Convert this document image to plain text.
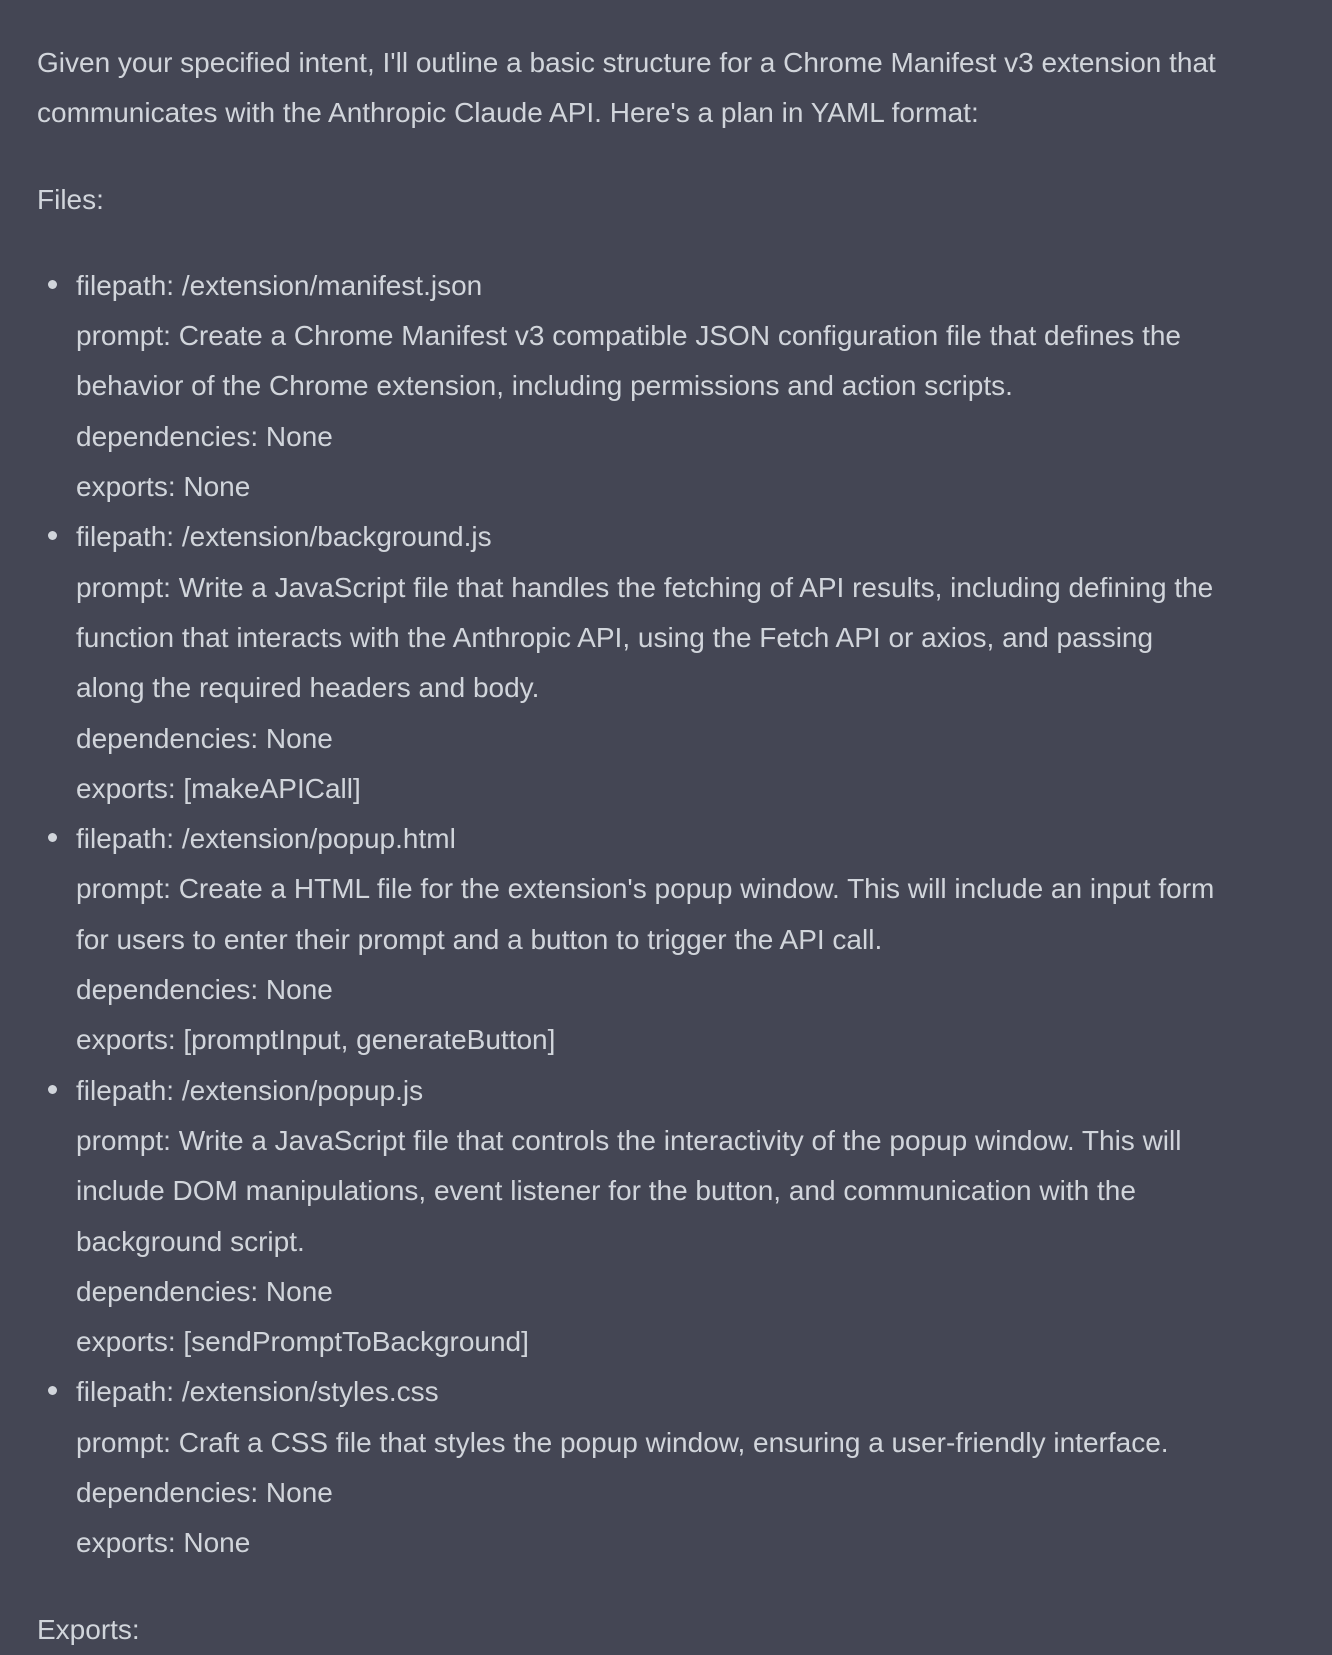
Given your specified intent, I'll outline a basic structure for a Chrome Manifest v3 extension that communicates with the Anthropic Claude API. Here's a plan in YAML format:

Files:

filepath: /extension/manifest.json
prompt: Create a Chrome Manifest v3 compatible JSON configuration file that defines the behavior of the Chrome extension, including permissions and action scripts.
dependencies: None
exports: None
filepath: /extension/background.js
prompt: Write a JavaScript file that handles the fetching of API results, including defining the function that interacts with the Anthropic API, using the Fetch API or axios, and passing along the required headers and body.
dependencies: None
exports: [makeAPICall]
filepath: /extension/popup.html
prompt: Create a HTML file for the extension's popup window. This will include an input form for users to enter their prompt and a button to trigger the API call.
dependencies: None
exports: [promptInput, generateButton]
filepath: /extension/popup.js
prompt: Write a JavaScript file that controls the interactivity of the popup window. This will include DOM manipulations, event listener for the button, and communication with the background script.
dependencies: None
exports: [sendPromptToBackground]
filepath: /extension/styles.css
prompt: Craft a CSS file that styles the popup window, ensuring a user-friendly interface.
dependencies: None
exports: None

Exports:
